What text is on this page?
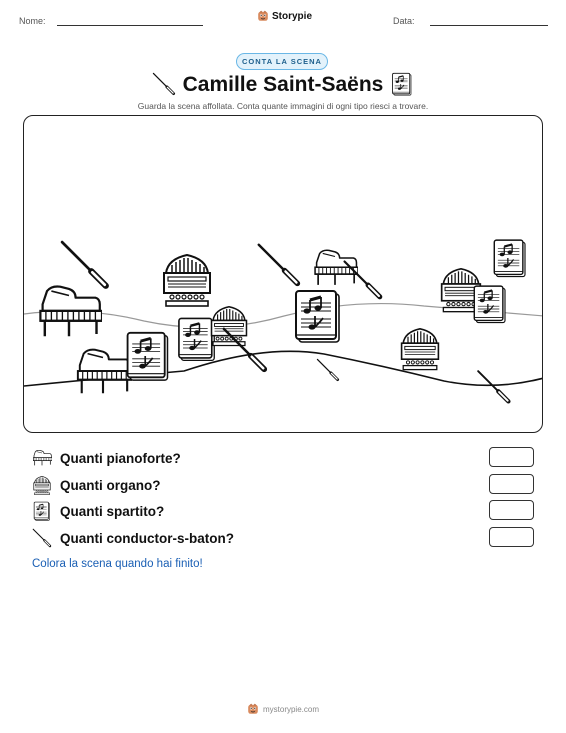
Nome:	Storypie	Data:
CONTA LA SCENA
Camille Saint-Saëns
Guarda la scena affollata. Conta quante immagini di ogni tipo riesci a trovare.
Quanti pianoforte?
Quanti organo?
Quanti spartito?
Quanti conductor-s-baton?
Colora la scena quando hai finito!
mystorypie.com
